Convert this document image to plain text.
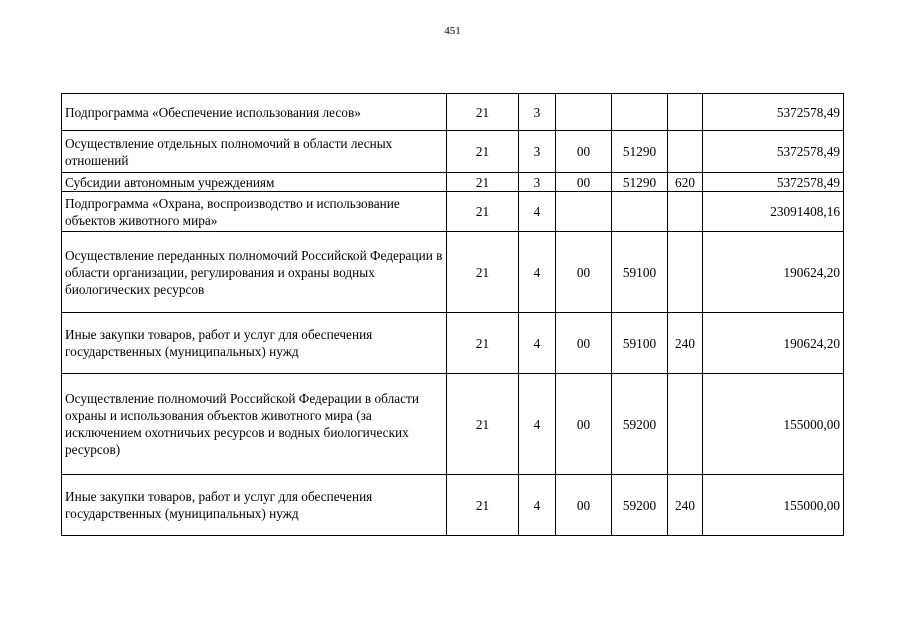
451
Подпрограмма «Обеспечение использования лесов»	21	3				5372578,49
Осуществление отдельных полномочий в области лесных отношений	21	3	00	51290		5372578,49
Субсидии автономным учреждениям	21	3	00	51290	620	5372578,49
Подпрограмма «Охрана, воспроизводство и использование объектов животного мира»	21	4				23091408,16
Осуществление переданных полномочий Российской Федерации в области организации, регулирования и охраны водных биологических ресурсов	21	4	00	59100		190624,20
Иные закупки товаров, работ и услуг для обеспечения государственных (муниципальных) нужд	21	4	00	59100	240	190624,20
Осуществление полномочий Российской Федерации в области охраны и использования объектов животного мира (за исключением охотничьих ресурсов и водных биологических ресурсов)	21	4	00	59200		155000,00
Иные закупки товаров, работ и услуг для обеспечения государственных (муниципальных) нужд	21	4	00	59200	240	155000,00
